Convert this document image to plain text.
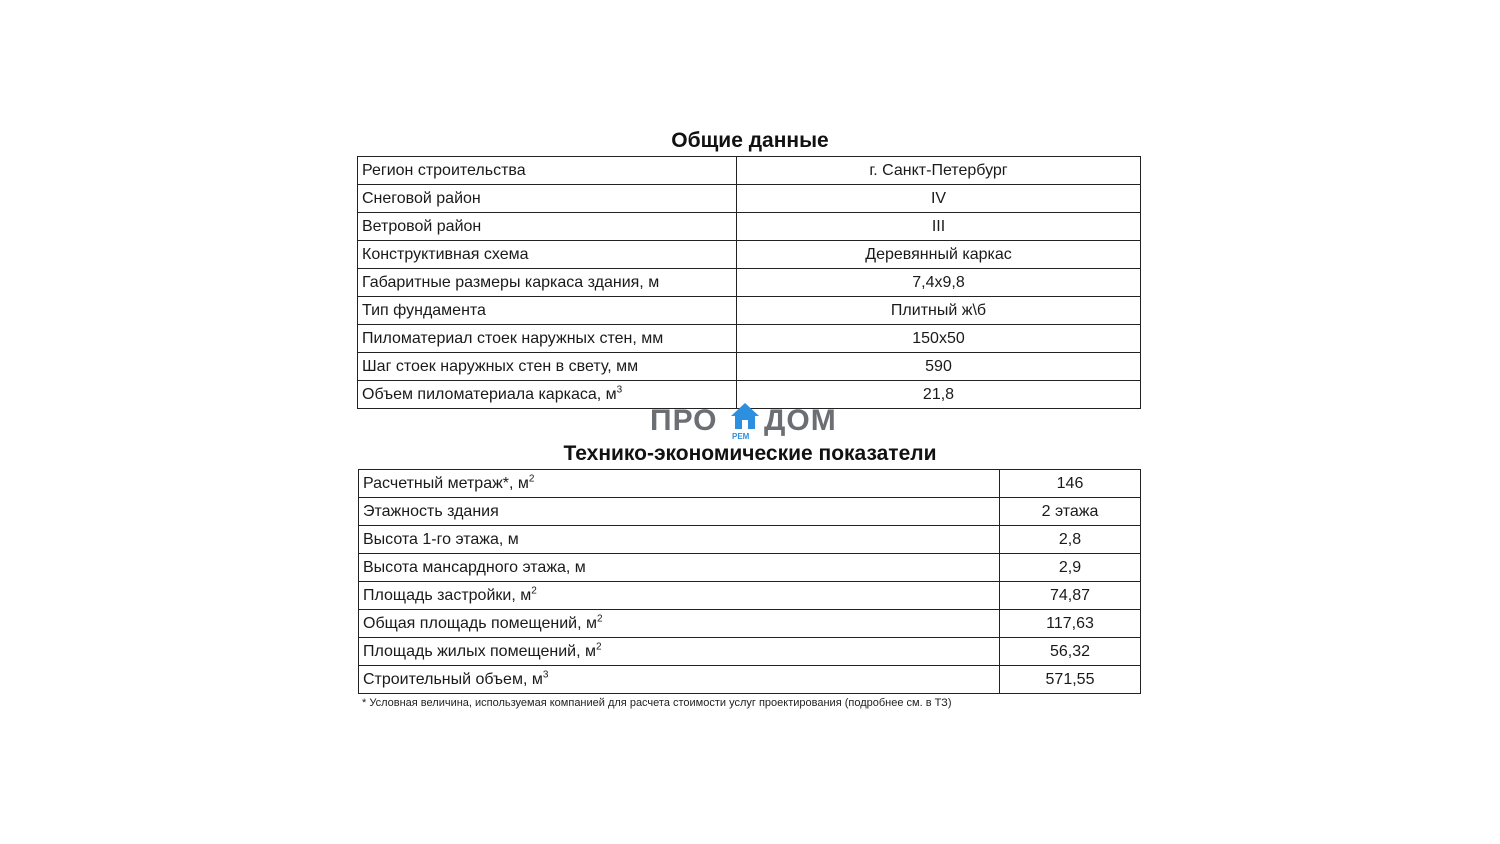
Общие данные
Регион строительства	г. Санкт-Петербург
Снеговой район	IV
Ветровой район	III
Конструктивная схема	Деревянный каркас
Габаритные размеры каркаса здания, м	7,4х9,8
Тип фундамента	Плитный ж\б
Пиломатериал стоек наружных стен, мм	150х50
Шаг стоек наружных стен в свету, мм	590
Объем пиломатериала каркаса, $м^3$	21,8
ПРО РЕМ ДОМ
Технико-экономические показатели
Расчетный метраж*, $м^2$	146
Этажность здания	2 этажа
Высота 1-го этажа, м	2,8
Высота мансардного этажа, м	2,9
Площадь застройки, $м^2$	74,87
Общая площадь помещений, $м^2$	117,63
Площадь жилых помещений, $м^2$	56,32
Строительный объем, $м^3$	571,55
* Условная величина, используемая компанией для расчета стоимости услуг проектирования (подробнее см. в ТЗ)
